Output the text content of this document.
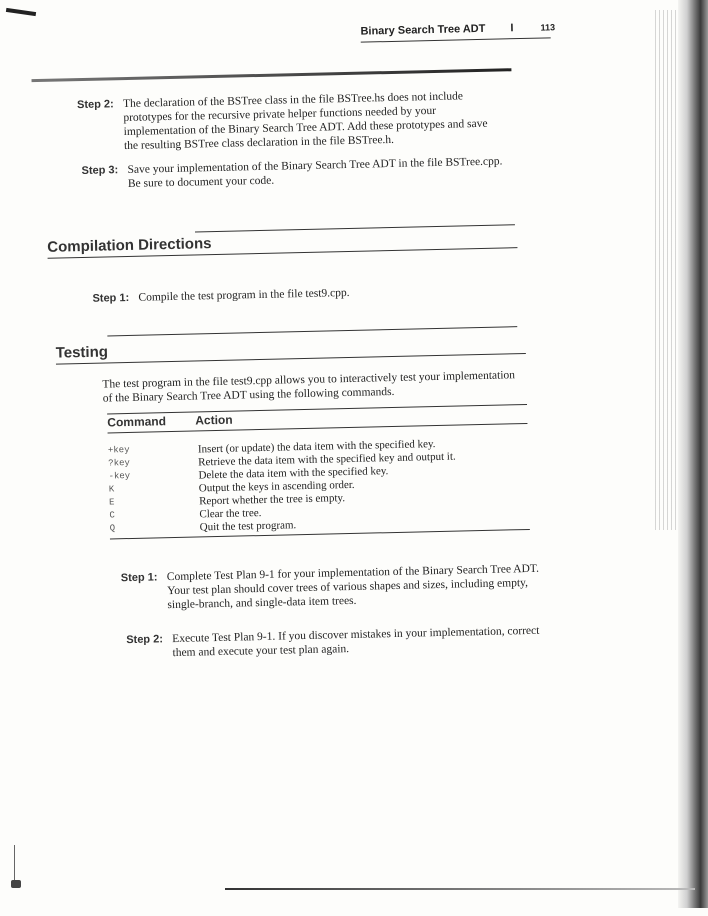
Binary Search Tree ADT I	113
Step 2: The declaration of the BSTree class in the file BSTree.hs does not include prototypes for the recursive private helper functions needed by your implementation of the Binary Search Tree ADT. Add these prototypes and save the resulting BSTree class declaration in the file BSTree.h.
Step 3: Save your implementation of the Binary Search Tree ADT in the file BSTree.cpp. Be sure to document your code.
Compilation Directions
Step 1: Compile the test program in the file test9.cpp.
Testing
The test program in the file test9.cpp allows you to interactively test your implementation of the Binary Search Tree ADT using the following commands.
Command Action
+key	Insert (or update) the data item with the specified key.
?key	Retrieve the data item with the specified key and output it.
-key	Delete the data item with the specified key.
K	Output the keys in ascending order.
E	Report whether the tree is empty.
C	Clear the tree.
Q	Quit the test program.
Step 1: Complete Test Plan 9-1 for your implementation of the Binary Search Tree ADT. Your test plan should cover trees of various shapes and sizes, including empty, single-branch, and single-data item trees.
Step 2: Execute Test Plan 9-1. If you discover mistakes in your implementation, correct them and execute your test plan again.
